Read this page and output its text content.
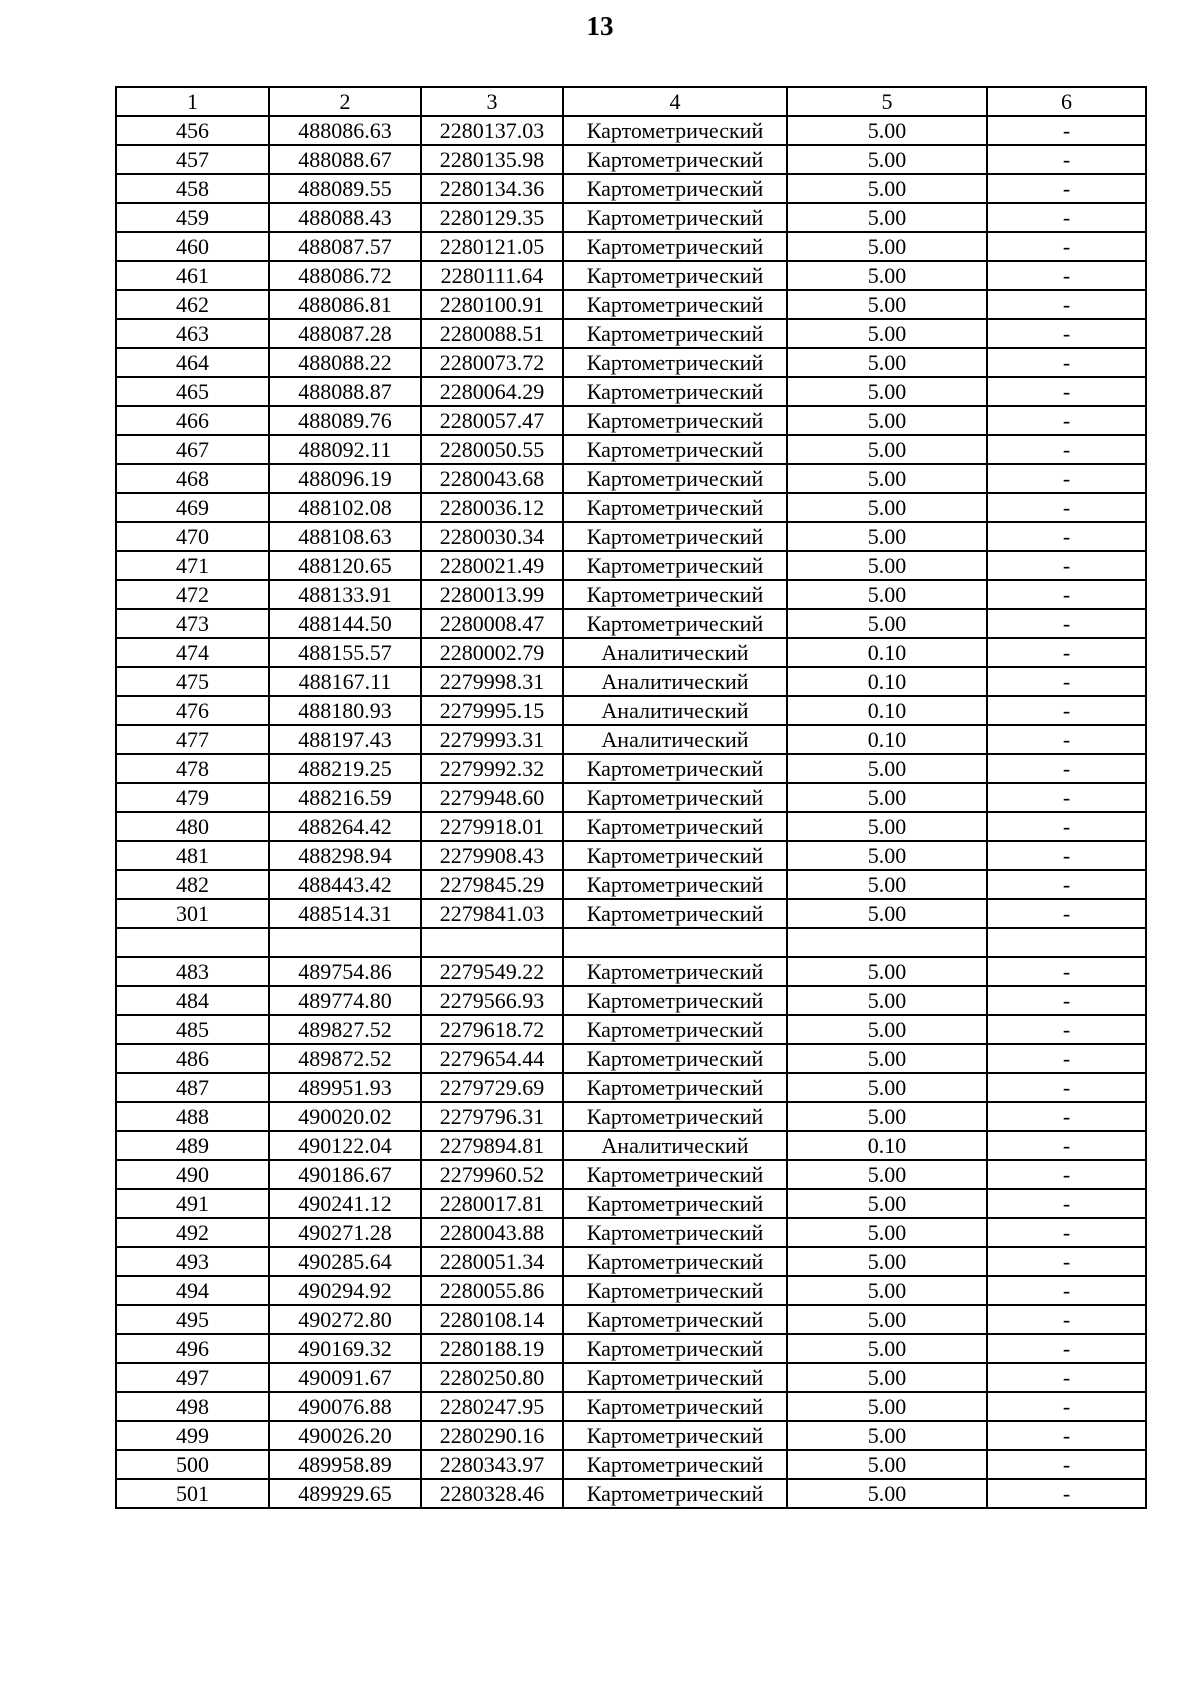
13
1	2	3	4	5	6
456	488086.63	2280137.03	Картометрический	5.00	-
457	488088.67	2280135.98	Картометрический	5.00	-
458	488089.55	2280134.36	Картометрический	5.00	-
459	488088.43	2280129.35	Картометрический	5.00	-
460	488087.57	2280121.05	Картометрический	5.00	-
461	488086.72	2280111.64	Картометрический	5.00	-
462	488086.81	2280100.91	Картометрический	5.00	-
463	488087.28	2280088.51	Картометрический	5.00	-
464	488088.22	2280073.72	Картометрический	5.00	-
465	488088.87	2280064.29	Картометрический	5.00	-
466	488089.76	2280057.47	Картометрический	5.00	-
467	488092.11	2280050.55	Картометрический	5.00	-
468	488096.19	2280043.68	Картометрический	5.00	-
469	488102.08	2280036.12	Картометрический	5.00	-
470	488108.63	2280030.34	Картометрический	5.00	-
471	488120.65	2280021.49	Картометрический	5.00	-
472	488133.91	2280013.99	Картометрический	5.00	-
473	488144.50	2280008.47	Картометрический	5.00	-
474	488155.57	2280002.79	Аналитический	0.10	-
475	488167.11	2279998.31	Аналитический	0.10	-
476	488180.93	2279995.15	Аналитический	0.10	-
477	488197.43	2279993.31	Аналитический	0.10	-
478	488219.25	2279992.32	Картометрический	5.00	-
479	488216.59	2279948.60	Картометрический	5.00	-
480	488264.42	2279918.01	Картометрический	5.00	-
481	488298.94	2279908.43	Картометрический	5.00	-
482	488443.42	2279845.29	Картометрический	5.00	-
301	488514.31	2279841.03	Картометрический	5.00	-

483	489754.86	2279549.22	Картометрический	5.00	-
484	489774.80	2279566.93	Картометрический	5.00	-
485	489827.52	2279618.72	Картометрический	5.00	-
486	489872.52	2279654.44	Картометрический	5.00	-
487	489951.93	2279729.69	Картометрический	5.00	-
488	490020.02	2279796.31	Картометрический	5.00	-
489	490122.04	2279894.81	Аналитический	0.10	-
490	490186.67	2279960.52	Картометрический	5.00	-
491	490241.12	2280017.81	Картометрический	5.00	-
492	490271.28	2280043.88	Картометрический	5.00	-
493	490285.64	2280051.34	Картометрический	5.00	-
494	490294.92	2280055.86	Картометрический	5.00	-
495	490272.80	2280108.14	Картометрический	5.00	-
496	490169.32	2280188.19	Картометрический	5.00	-
497	490091.67	2280250.80	Картометрический	5.00	-
498	490076.88	2280247.95	Картометрический	5.00	-
499	490026.20	2280290.16	Картометрический	5.00	-
500	489958.89	2280343.97	Картометрический	5.00	-
501	489929.65	2280328.46	Картометрический	5.00	-
